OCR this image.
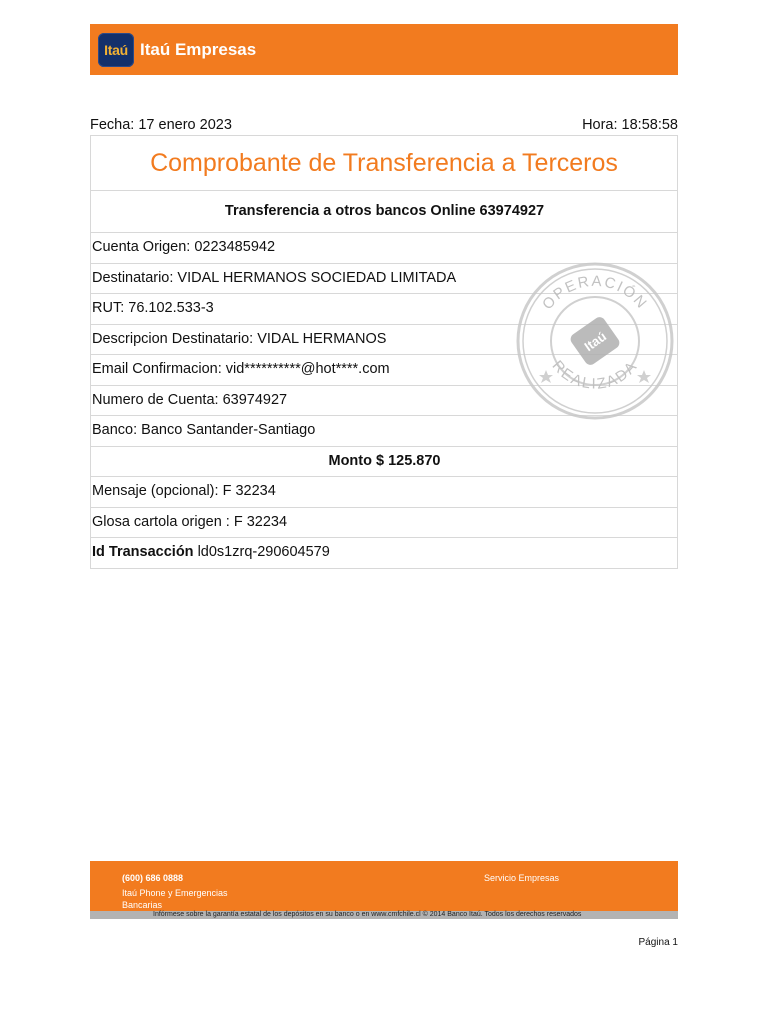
Itaú Itaú Empresas
Fecha: 17 enero 2023	Hora: 18:58:58
Comprobante de Transferencia a Terceros
Transferencia a otros bancos Online 63974927
Cuenta Origen: 0223485942
Destinatario: VIDAL HERMANOS SOCIEDAD LIMITADA
RUT: 76.102.533-3
Descripcion Destinatario: VIDAL HERMANOS
Email Confirmacion: vid**********@hot****.com
Numero de Cuenta: 63974927
Banco: Banco Santander-Santiago
Monto $ 125.870
Mensaje (opcional): F 32234
Glosa cartola origen : F 32234
Id Transacción ld0s1zrq-290604579
OPERACIÓN
REALIZADA
Itaú
(600) 686 0888
Itaú Phone y Emergencias Bancarias
Servicio Empresas
Infórmese sobre la garantía estatal de los depósitos en su banco o en www.cmfchile.cl © 2014 Banco Itaú. Todos los derechos reservados
Página 1
